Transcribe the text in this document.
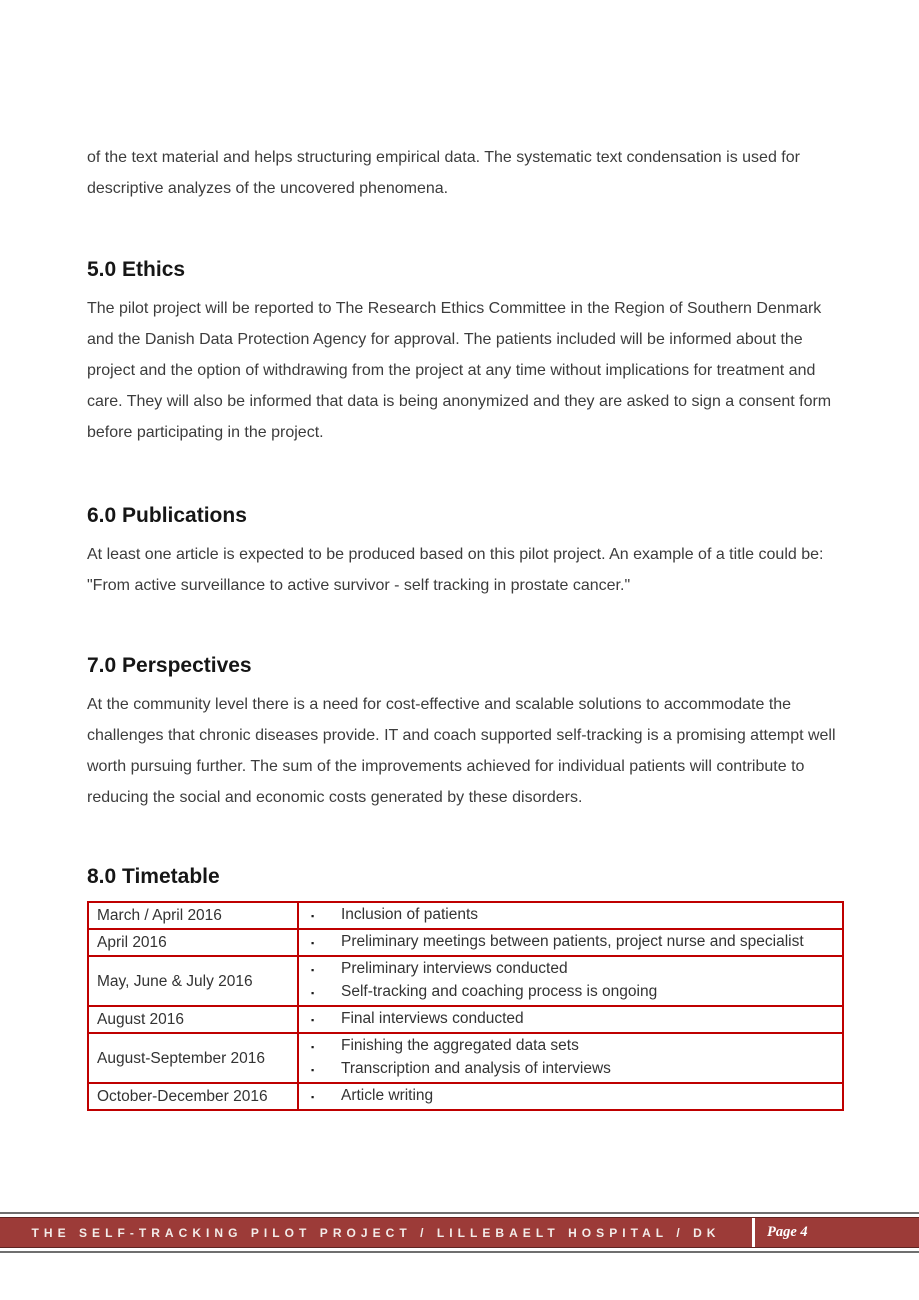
of the text material and helps structuring empirical data. The systematic text condensation is used for descriptive analyzes of the uncovered phenomena.

5.0 Ethics

The pilot project will be reported to The Research Ethics Committee in the Region of Southern Denmark and the Danish Data Protection Agency for approval. The patients included will be informed about the project and the option of withdrawing from the project at any time without implications for treatment and care. They will also be informed that data is being anonymized and they are asked to sign a consent form before participating in the project.

6.0 Publications

At least one article is expected to be produced based on this pilot project. An example of a title could be: "From active surveillance to active survivor - self tracking in prostate cancer."

7.0 Perspectives

At the community level there is a need for cost-effective and scalable solutions to accommodate the challenges that chronic diseases provide. IT and coach supported self-tracking is a promising attempt well worth pursuing further. The sum of the improvements achieved for individual patients will contribute to reducing the social and economic costs generated by these disorders.

8.0 Timetable
March / April 2016	▪ Inclusion of patients

April 2016	▪ Preliminary meetings between patients, project nurse and specialist

May, June & July 2016	▪ Preliminary interviews conducted
▪ Self-tracking and coaching process is ongoing

August 2016	▪ Final interviews conducted

August-September 2016	▪ Finishing the aggregated data sets
▪ Transcription and analysis of interviews

October-December 2016	▪ Article writing
THE SELF-TRACKING PILOT PROJECT / LILLEBAELT HOSPITAL / DK	Page 4
